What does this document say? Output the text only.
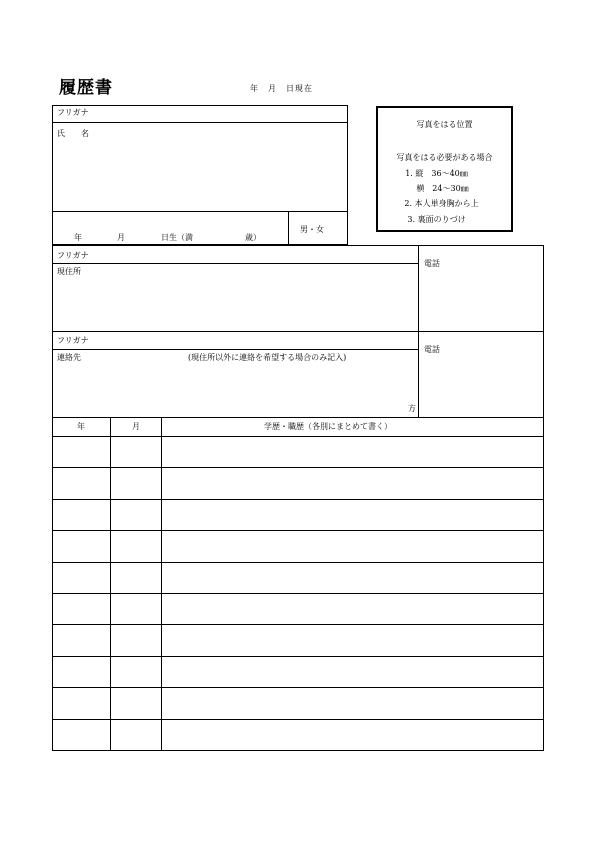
履歴書	年　月　日現在
フリガナ
氏　　名
年	月	日生（満	歳）
男・女
写真をはる位置
写真をはる必要がある場合
1. 縦　36～40㎜
横　24～30㎜
2. 本人単身胸から上
3. 裏面のりづけ
フリガナ
現住所
電話
フリガナ
連絡先	(現住所以外に連絡を希望する場合のみ記入)
方
電話
年	月	学歴・職歴（各別にまとめて書く）
